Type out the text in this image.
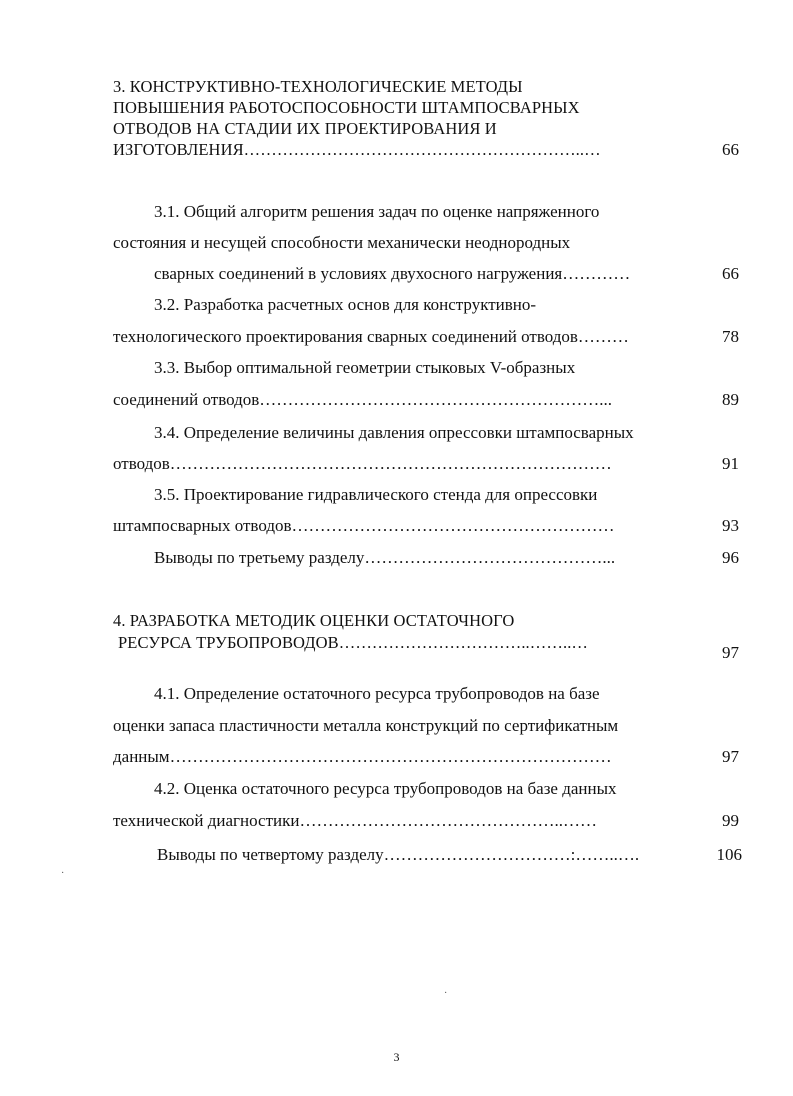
3. КОНСТРУКТИВНО-ТЕХНОЛОГИЧЕСКИЕ МЕТОДЫ
ПОВЫШЕНИЯ РАБОТОСПОСОБНОСТИ ШТАМПОСВАРНЫХ
ОТВОДОВ НА СТАДИИ ИХ ПРОЕКТИРОВАНИЯ И
ИЗГОТОВЛЕНИЯ……………………………………………………..…	66
3.1. Общий алгоритм решения задач по оценке напряженного
состояния и несущей способности механически неоднородных
сварных соединений в условиях двухосного нагружения…………	66
3.2. Разработка расчетных основ для конструктивно-
технологического проектирования сварных соединений отводов………	78
3.3. Выбор оптимальной геометрии стыковых V-образных
соединений отводов……………………………………………………...	89
3.4. Определение величины давления опрессовки штампосварных
отводов……………………………………………………………………	91
3.5. Проектирование гидравлического стенда для опрессовки
штампосварных отводов…………………………………………………	93
Выводы по третьему разделу……………………………………...	96
4. РАЗРАБОТКА МЕТОДИК ОЦЕНКИ ОСТАТОЧНОГО
РЕСУРСА ТРУБОПРОВОДОВ……………………………..……..…
97
4.1. Определение остаточного ресурса трубопроводов на базе
оценки запаса пластичности металла конструкций по сертификатным
данным……………………………………………………………………	97
4.2. Оценка остаточного ресурса трубопроводов на базе данных
технической диагностики………………………………………..……	99
Выводы по четвертому разделу……………………………:……..….	106
·
·
3
